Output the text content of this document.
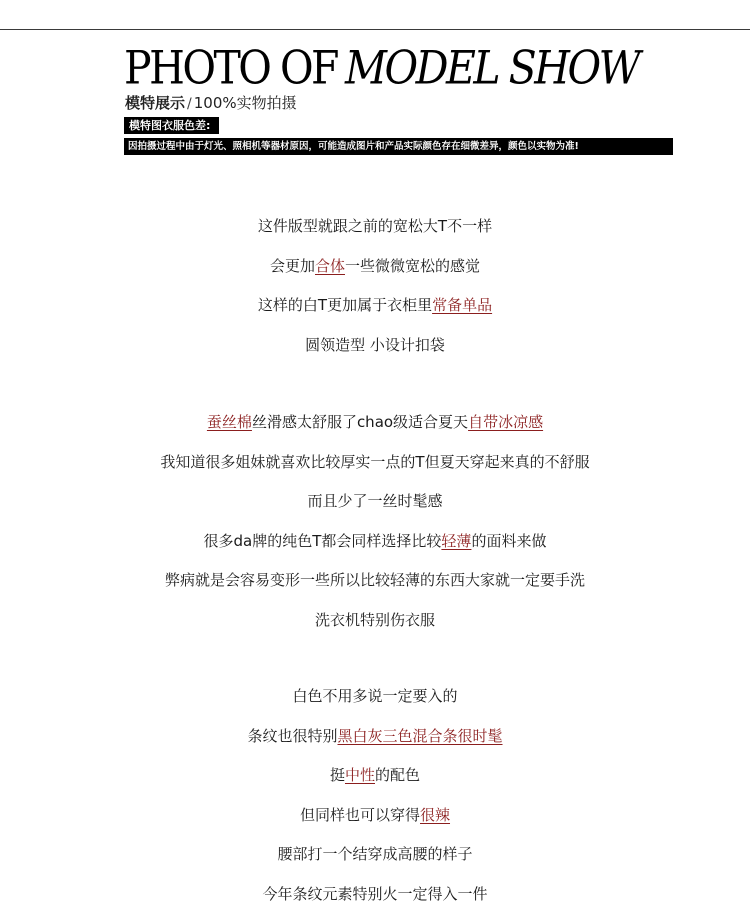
PHOTO OF MODEL SHOW
模特展示 / 100%实物拍摄
模特图衣服色差:
因拍摄过程中由于灯光、照相机等器材原因，可能造成图片和产品实际颜色存在细微差异，颜色以实物为准!
这件版型就跟之前的宽松大T不一样
会更加合体一些微微宽松的感觉
这样的白T更加属于衣柜里常备单品
圆领造型 小设计扣袋
蚕丝棉丝滑感太舒服了chao级适合夏天自带冰凉感
我知道很多姐妹就喜欢比较厚实一点的T但夏天穿起来真的不舒服
而且少了一丝时髦感
很多da牌的纯色T都会同样选择比较轻薄的面料来做
弊病就是会容易变形一些所以比较轻薄的东西大家就一定要手洗
洗衣机特别伤衣服
白色不用多说一定要入的
条纹也很特别黑白灰三色混合条很时髦
挺中性的配色
但同样也可以穿得很辣
腰部打一个结穿成高腰的样子
今年条纹元素特别火一定得入一件
